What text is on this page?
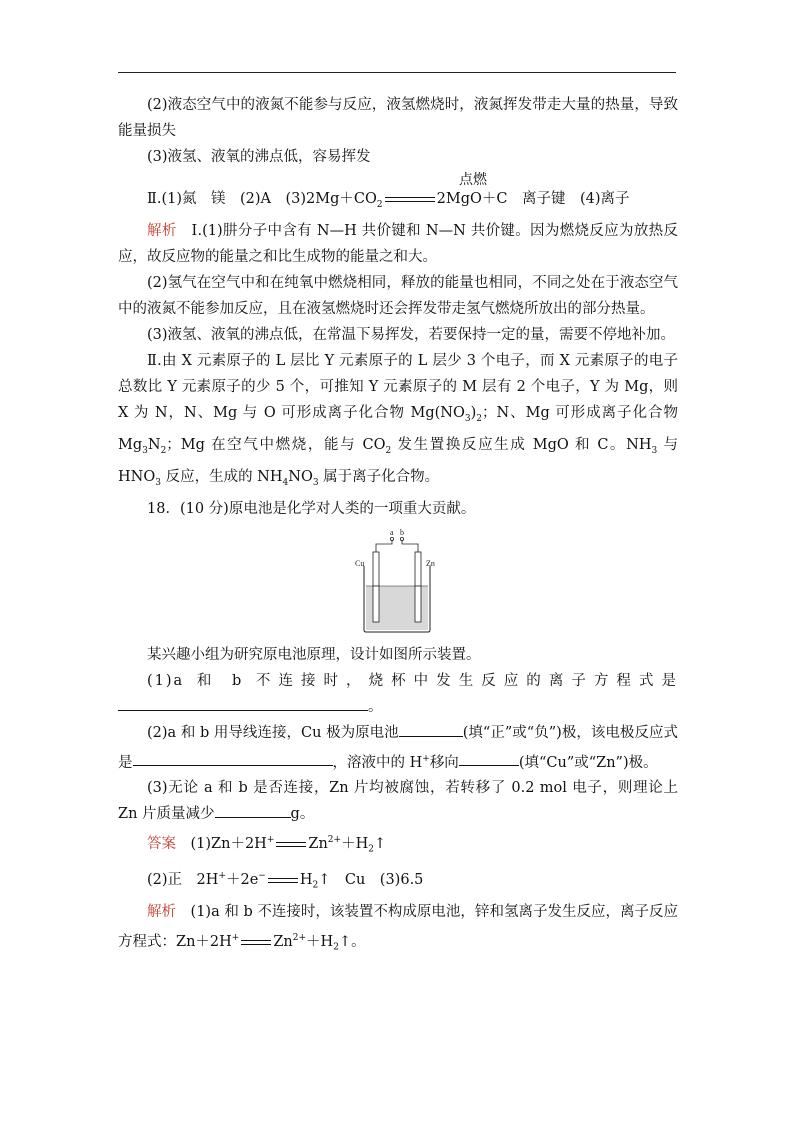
(2)液态空气中的液氮不能参与反应，液氢燃烧时，液氮挥发带走大量的热量，导致能量损失

(3)液氢、液氧的沸点低，容易挥发

点燃

Ⅱ.(1)氮　镁　(2)A　$(3)2Mg+CO_2$	2MgO＋C　离子键　(4)离子

解析　 Ⅰ.(1)肼分子中含有 N—H 共价键和 N—N 共价键。因为燃烧反应为放热反应，故反应物的能量之和比生成物的能量之和大。

(2)氢气在空气中和在纯氧中燃烧相同，释放的能量也相同，不同之处在于液态空气中的液氮不能参加反应，且在液氢燃烧时还会挥发带走氢气燃烧所放出的部分热量。

(3)液氢、液氧的沸点低，在常温下易挥发，若要保持一定的量，需要不停地补加。

Ⅱ.由 X 元素原子的 L 层比 Y 元素原子的 L 层少 3 个电子，而 X 元素原子的电子总数比 Y 元素原子的少 5 个，可推知 Y 元素原子的 M 层有 2 个电子，Y 为 Mg，则 X 为 N，N、Mg 与 O 可形成离子化合物 $Mg(NO_3)_2$；N、Mg 可形成离子化合物 $Mg_3N_2$；Mg 在空气中燃烧，能与 $CO_2$ 发生置换反应生成 MgO 和 C。$NH_3$ 与 $HNO_3$ 反应，生成的 $NH_4NO_3$ 属于离子化合物。

18．(10 分)原电池是化学对人类的一项重大贡献。

a b
Cu	Zn

某兴趣小组为研究原电池原理，设计如图所示装置。

(1)a 和 b 不连接时，烧杯中发生反应的离子方程式是

。

(2)a 和 b 用导线连接，Cu 极为原电池	(填“正”或“负”)极，该电极反应式是	，溶液中的 H+移向	(填“Cu”或“Zn”)极。

(3)无论 a 和 b 是否连接，Zn 片均被腐蚀，若转移了 0.2 mol 电子，则理论上 Zn 片质量减少	g。

答案　 (1)Zn＋2H+ $Zn^{2+}+H_2↑$

(2)正　2H+＋2e− $H_2↑$　Cu　(3)6.5

解析　 (1)a 和 b 不连接时，该装置不构成原电池，锌和氢离子发生反应，离子反应方程式：Zn＋2H+ $Zn^{2+}+H_2↑$。
